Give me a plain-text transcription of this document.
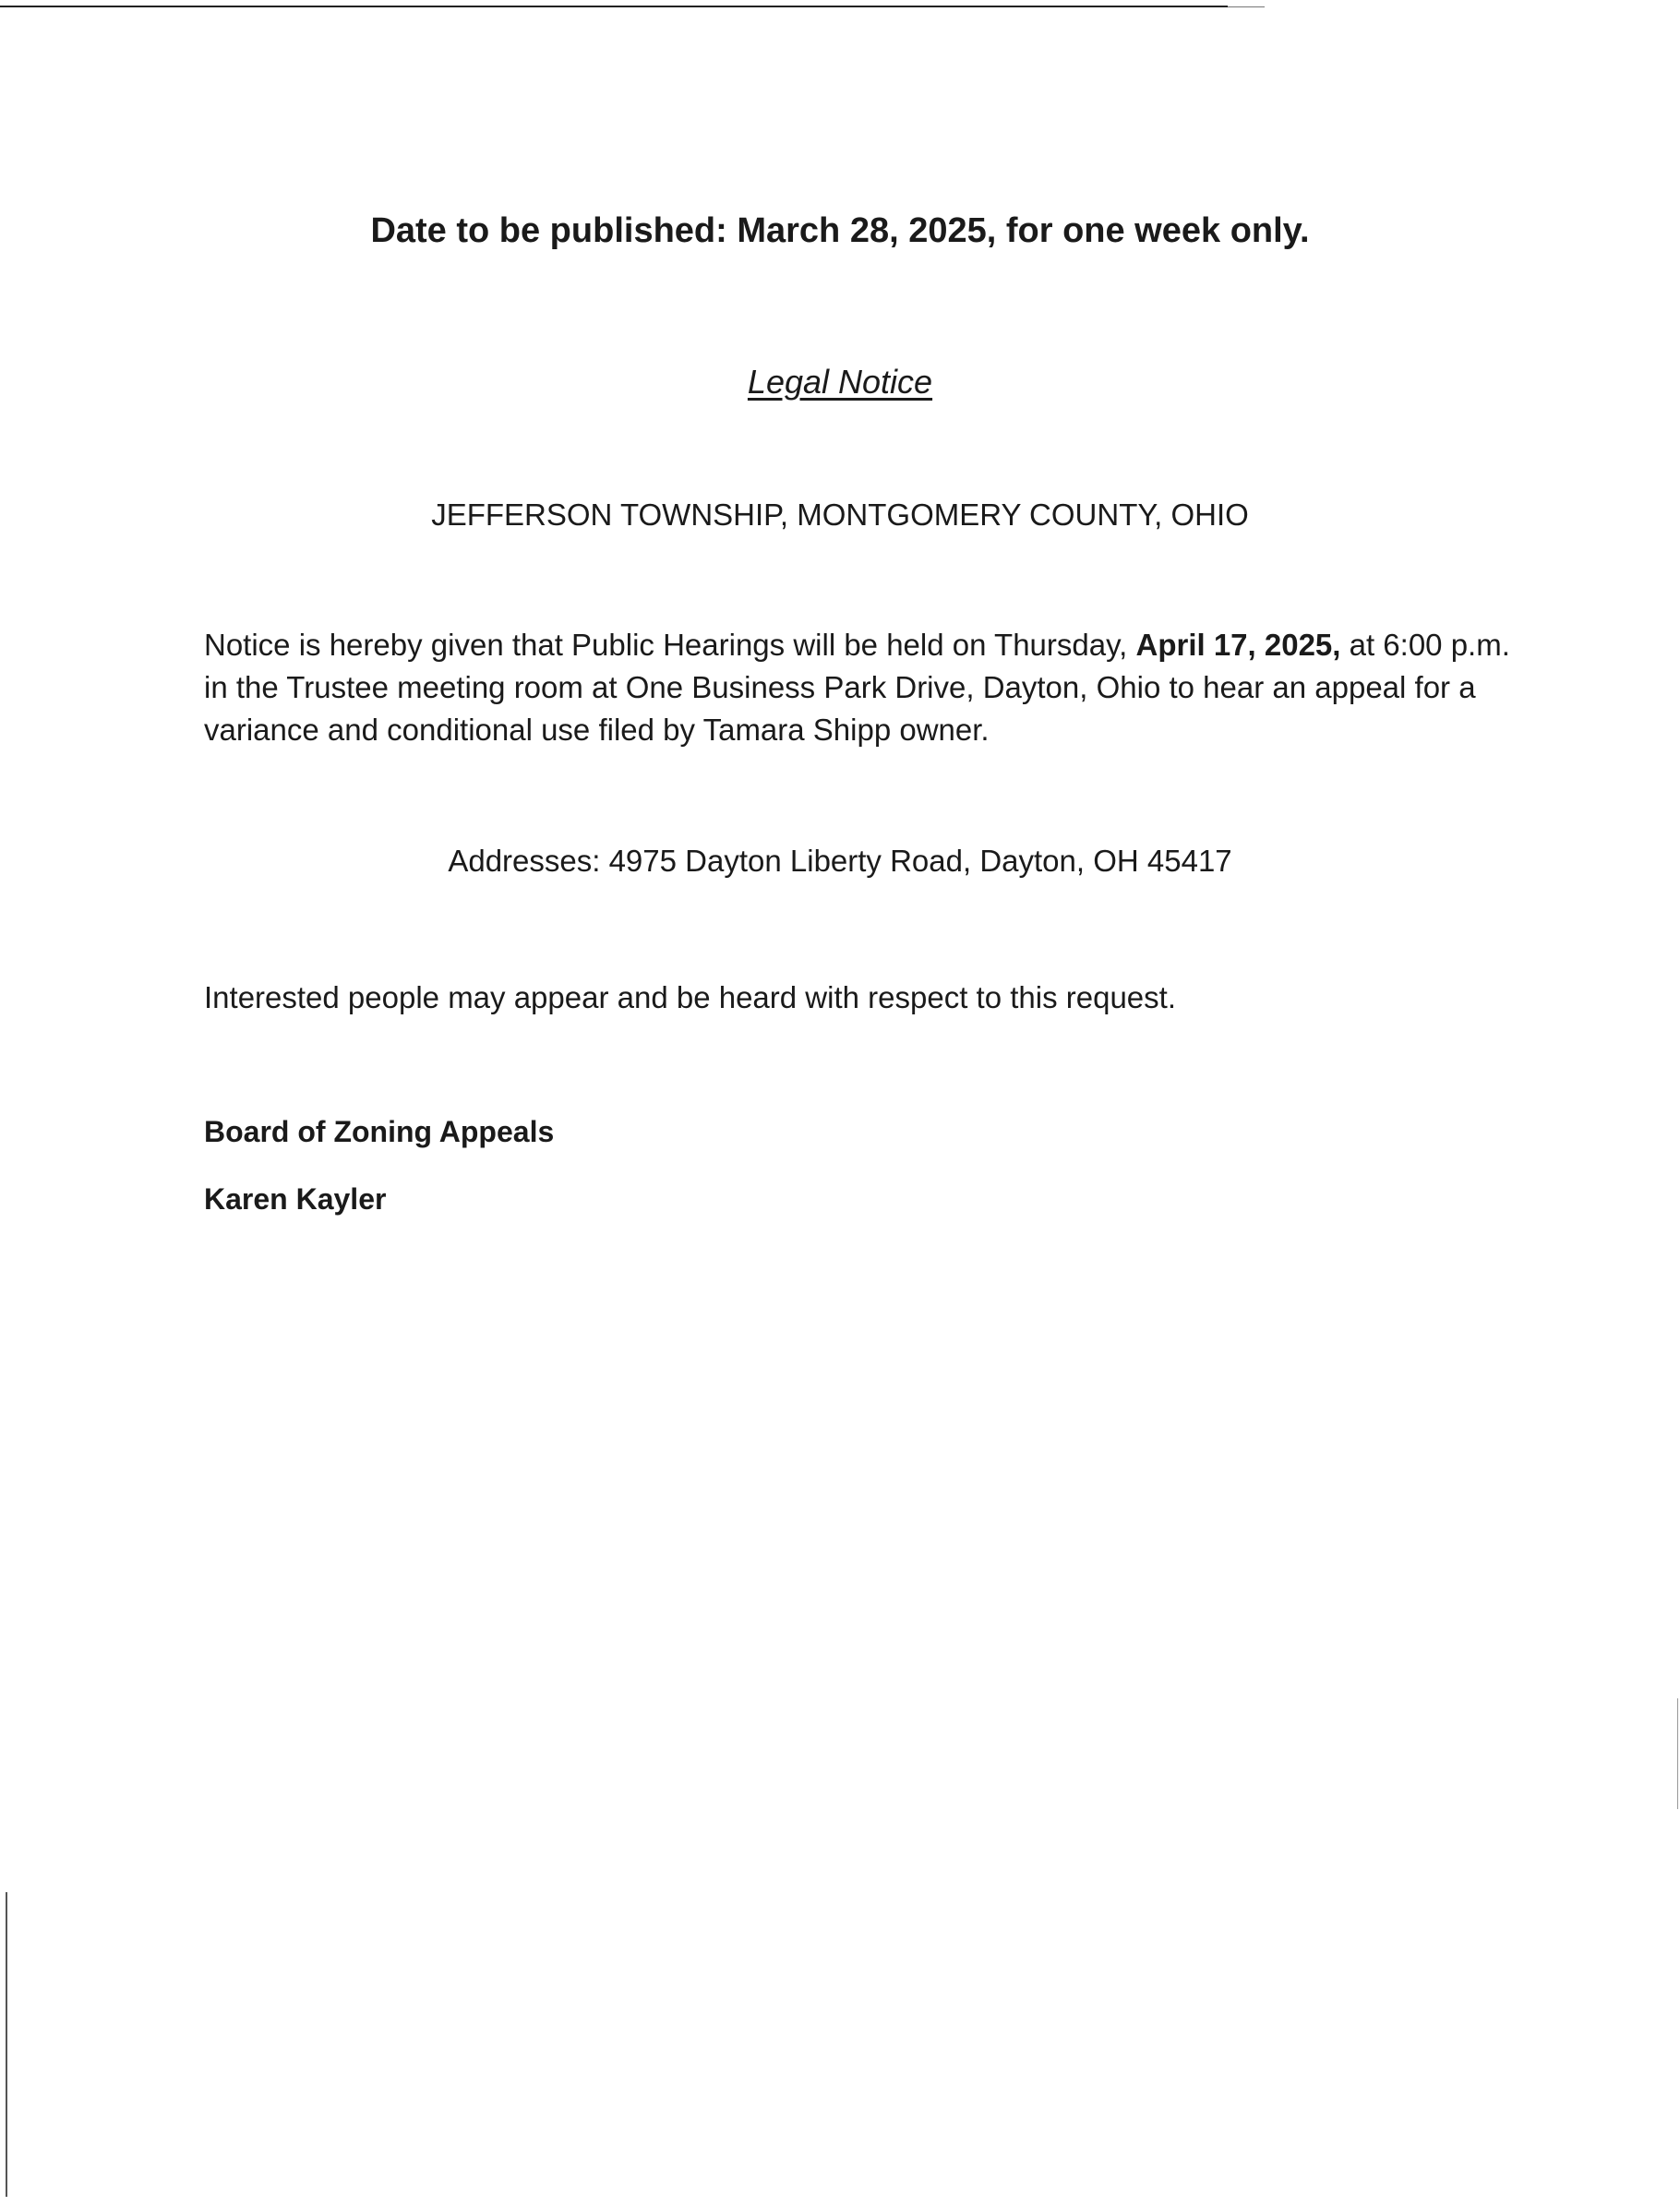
Date to be published: March 28, 2025, for one week only.
Legal Notice
JEFFERSON TOWNSHIP, MONTGOMERY COUNTY, OHIO

Notice is hereby given that Public Hearings will be held on Thursday, April 17, 2025, at 6:00 p.m. in the Trustee meeting room at One Business Park Drive, Dayton, Ohio to hear an appeal for a variance and conditional use filed by Tamara Shipp owner.

Addresses: 4975 Dayton Liberty Road, Dayton, OH 45417
Interested people may appear and be heard with respect to this request.
Board of Zoning Appeals
Karen Kayler
